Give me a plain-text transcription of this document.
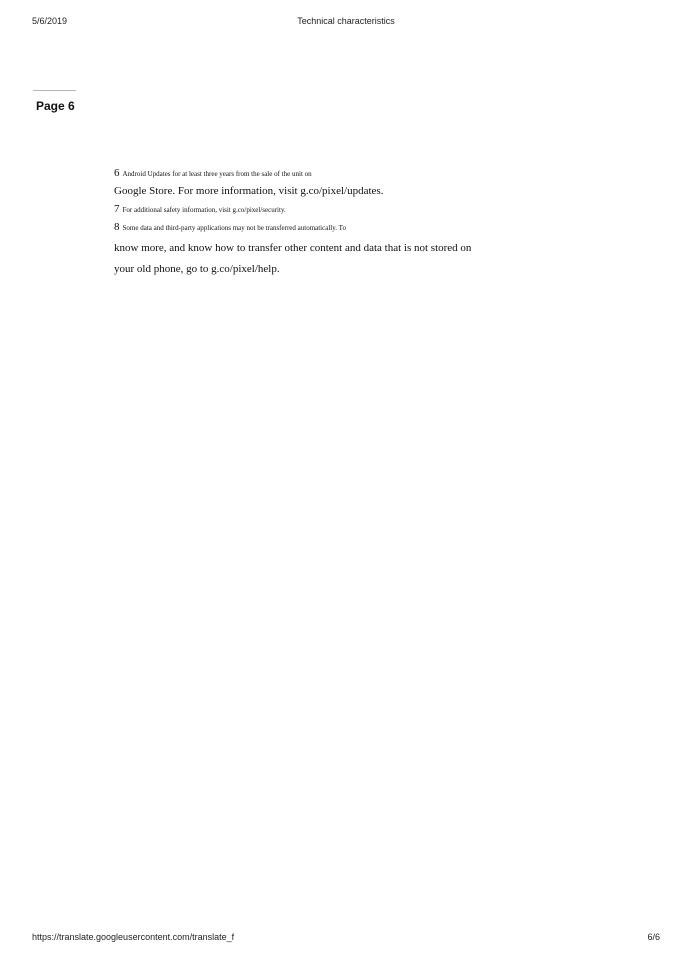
5/6/2019	Technical characteristics
Page 6
6 Android Updates for at least three years from the sale of the unit on
Google Store. For more information, visit g.co/pixel/updates.
7 For additional safety information, visit g.co/pixel/security.
8 Some data and third-party applications may not be transferred automatically. To
know more, and know how to transfer other content and data that is not stored on
your old phone, go to g.co/pixel/help.
https://translate.googleusercontent.com/translate_f	6/6
